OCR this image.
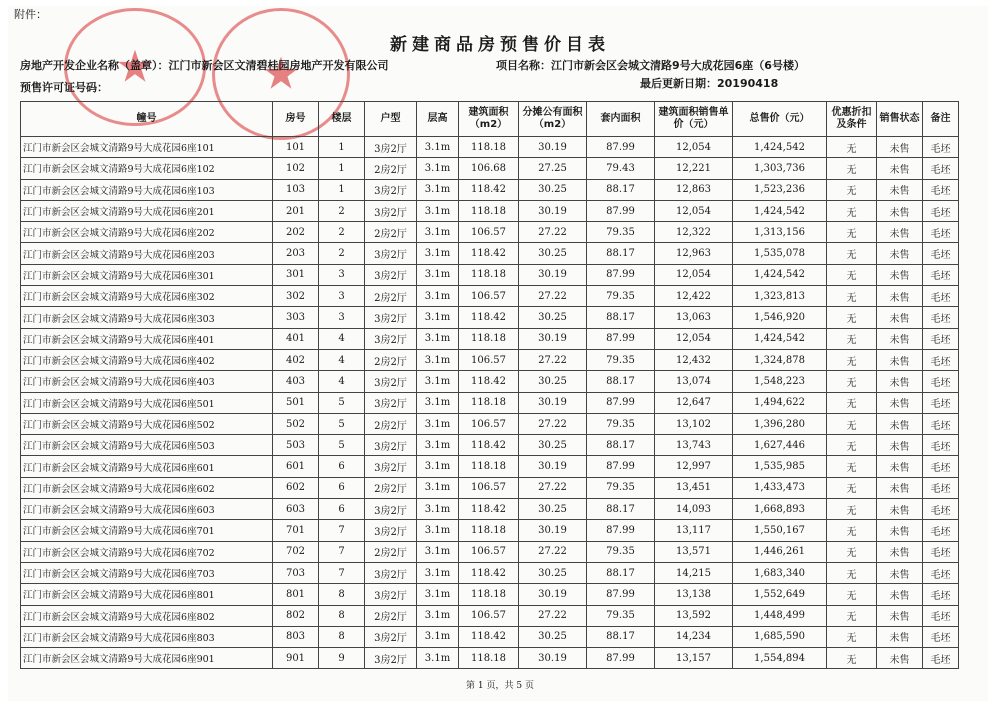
附件：
★ ★
新建商品房预售价目表
房地产开发企业名称（盖章）：江门市新会区文清碧桂园房地产开发有限公司
预售许可证号码：
项目名称：江门市新会区会城文清路9号大成花园6座（6号楼）
最后更新日期：20190418
幢号	房号	楼层	户型	层高	建筑面积（m2）	分摊公有面积（m2）	套内面积	建筑面积销售单价（元）	总售价（元）	优惠折扣及条件	销售状态	备注
江门市新会区会城文清路9号大成花园6座101	101	1	3房2厅	3.1m	118.18	30.19	87.99	12,054	1,424,542	无	未售	毛坯
江门市新会区会城文清路9号大成花园6座102	102	1	2房2厅	3.1m	106.68	27.25	79.43	12,221	1,303,736	无	未售	毛坯
江门市新会区会城文清路9号大成花园6座103	103	1	3房2厅	3.1m	118.42	30.25	88.17	12,863	1,523,236	无	未售	毛坯
江门市新会区会城文清路9号大成花园6座201	201	2	3房2厅	3.1m	118.18	30.19	87.99	12,054	1,424,542	无	未售	毛坯
江门市新会区会城文清路9号大成花园6座202	202	2	2房2厅	3.1m	106.57	27.22	79.35	12,322	1,313,156	无	未售	毛坯
江门市新会区会城文清路9号大成花园6座203	203	2	3房2厅	3.1m	118.42	30.25	88.17	12,963	1,535,078	无	未售	毛坯
江门市新会区会城文清路9号大成花园6座301	301	3	3房2厅	3.1m	118.18	30.19	87.99	12,054	1,424,542	无	未售	毛坯
江门市新会区会城文清路9号大成花园6座302	302	3	2房2厅	3.1m	106.57	27.22	79.35	12,422	1,323,813	无	未售	毛坯
江门市新会区会城文清路9号大成花园6座303	303	3	3房2厅	3.1m	118.42	30.25	88.17	13,063	1,546,920	无	未售	毛坯
江门市新会区会城文清路9号大成花园6座401	401	4	3房2厅	3.1m	118.18	30.19	87.99	12,054	1,424,542	无	未售	毛坯
江门市新会区会城文清路9号大成花园6座402	402	4	2房2厅	3.1m	106.57	27.22	79.35	12,432	1,324,878	无	未售	毛坯
江门市新会区会城文清路9号大成花园6座403	403	4	3房2厅	3.1m	118.42	30.25	88.17	13,074	1,548,223	无	未售	毛坯
江门市新会区会城文清路9号大成花园6座501	501	5	3房2厅	3.1m	118.18	30.19	87.99	12,647	1,494,622	无	未售	毛坯
江门市新会区会城文清路9号大成花园6座502	502	5	2房2厅	3.1m	106.57	27.22	79.35	13,102	1,396,280	无	未售	毛坯
江门市新会区会城文清路9号大成花园6座503	503	5	3房2厅	3.1m	118.42	30.25	88.17	13,743	1,627,446	无	未售	毛坯
江门市新会区会城文清路9号大成花园6座601	601	6	3房2厅	3.1m	118.18	30.19	87.99	12,997	1,535,985	无	未售	毛坯
江门市新会区会城文清路9号大成花园6座602	602	6	2房2厅	3.1m	106.57	27.22	79.35	13,451	1,433,473	无	未售	毛坯
江门市新会区会城文清路9号大成花园6座603	603	6	3房2厅	3.1m	118.42	30.25	88.17	14,093	1,668,893	无	未售	毛坯
江门市新会区会城文清路9号大成花园6座701	701	7	3房2厅	3.1m	118.18	30.19	87.99	13,117	1,550,167	无	未售	毛坯
江门市新会区会城文清路9号大成花园6座702	702	7	2房2厅	3.1m	106.57	27.22	79.35	13,571	1,446,261	无	未售	毛坯
江门市新会区会城文清路9号大成花园6座703	703	7	3房2厅	3.1m	118.42	30.25	88.17	14,215	1,683,340	无	未售	毛坯
江门市新会区会城文清路9号大成花园6座801	801	8	3房2厅	3.1m	118.18	30.19	87.99	13,138	1,552,649	无	未售	毛坯
江门市新会区会城文清路9号大成花园6座802	802	8	2房2厅	3.1m	106.57	27.22	79.35	13,592	1,448,499	无	未售	毛坯
江门市新会区会城文清路9号大成花园6座803	803	8	3房2厅	3.1m	118.42	30.25	88.17	14,234	1,685,590	无	未售	毛坯
江门市新会区会城文清路9号大成花园6座901	901	9	3房2厅	3.1m	118.18	30.19	87.99	13,157	1,554,894	无	未售	毛坯
第 1 页，共 5 页
